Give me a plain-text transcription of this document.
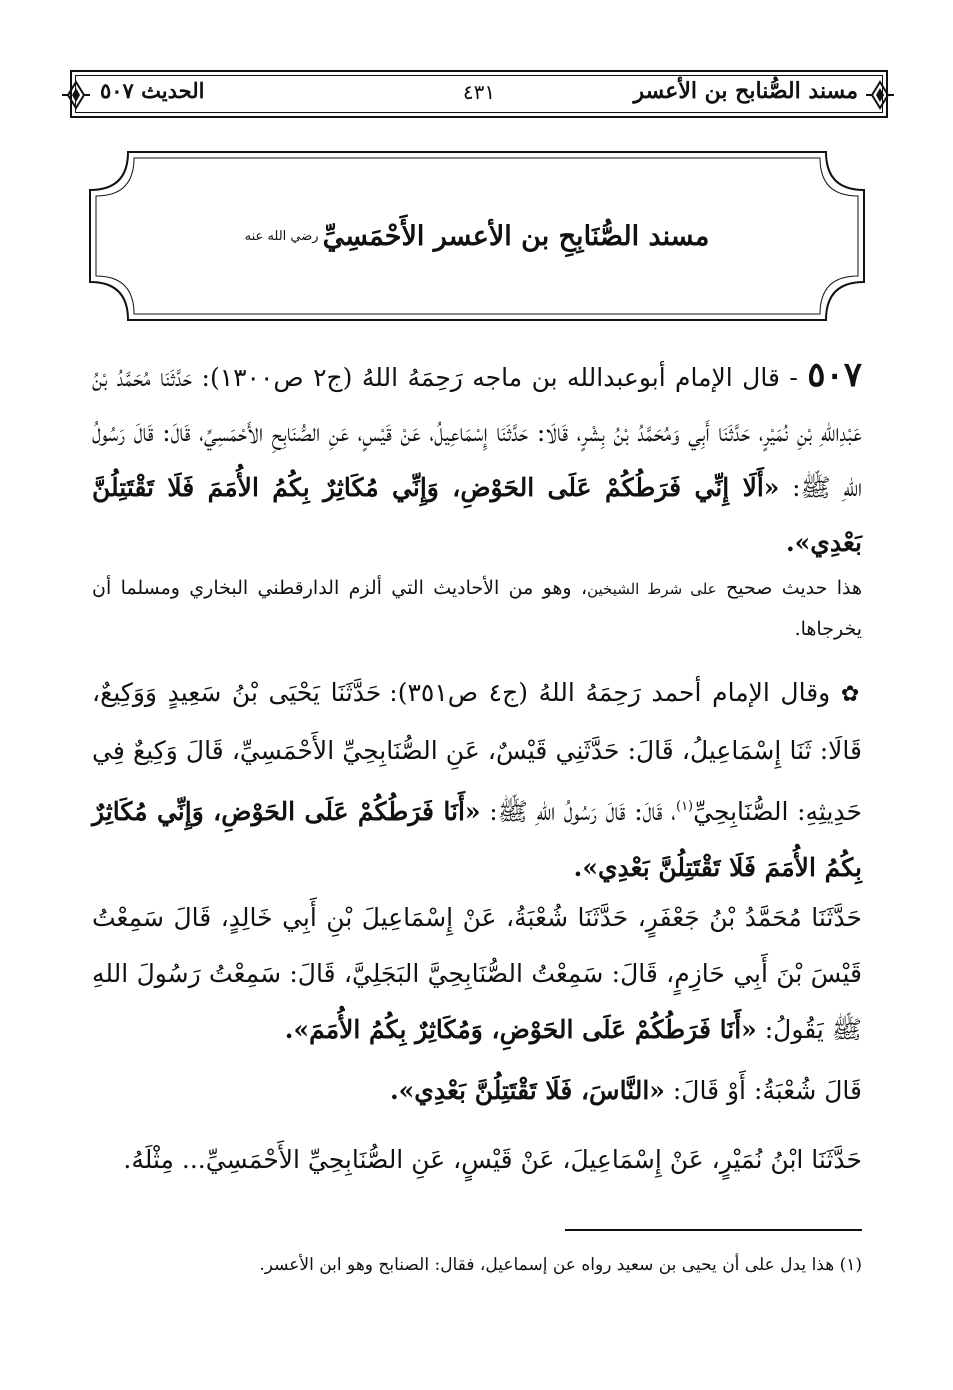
مسند الصُّنابح بن الأعسر
٤٣١
الحديث ٥٠٧
مسند الصُّنَابِحِ بن الأعسر الأَحْمَسِيِّ
رضي الله عنه
٥٠٧ - قال الإمام أبوعبدالله بن ماجه رَحِمَهُ اللهُ (ج٢ ص١٣٠٠): حَدَّثَنَا مُحَمَّدُ بْنُ عَبْدِاللهِ بْنِ نُمَيْرٍ، حَدَّثَنَا أَبِي وَمُحَمَّدُ بْنُ بِشْرٍ، قَالَا: حَدَّثَنَا إِسْمَاعِيلُ، عَنْ قَيْسٍ، عَنِ الصُّنَابِحِ الأَحْمَسِيِّ، قَالَ: قَالَ رَسُولُ اللهِ ﷺ: «أَلَا إِنِّي فَرَطُكُمْ عَلَى الحَوْضِ، وَإِنِّي مُكَاثِرٌ بِكُمُ الأُمَمَ فَلَا تَقْتَتِلُنَّ بَعْدِي».
هذا حديث صحيح على شرط الشيخين، وهو من الأحاديث التي ألزم الدارقطني البخاري ومسلما أن يخرجاها.
✿ وقال الإمام أحمد رَحِمَهُ اللهُ (ج٤ ص٣٥١): حَدَّثَنَا يَحْيَى بْنُ سَعِيدٍ وَوَكِيعٌ، قَالَا: ثَنَا إِسْمَاعِيلُ، قَالَ: حَدَّثَنِي قَيْسٌ، عَنِ الصُّنَابِحِيِّ الأَحْمَسِيِّ، قَالَ وَكِيعٌ فِي حَدِيثِهِ: الصُّنَابِحِيِّ$^{(١)}$، قَالَ: قَالَ رَسُولُ اللهِ ﷺ: «أَنَا فَرَطُكُمْ عَلَى الحَوْضِ، وَإِنِّي مُكَاثِرٌ بِكُمُ الأُمَمَ فَلَا تَقْتَتِلُنَّ بَعْدِي».
حَدَّثَنَا مُحَمَّدُ بْنُ جَعْفَرٍ، حَدَّثَنَا شُعْبَةُ، عَنْ إِسْمَاعِيلَ بْنِ أَبِي خَالِدٍ، قَالَ سَمِعْتُ قَيْسَ بْنَ أَبِي حَازِمٍ، قَالَ: سَمِعْتُ الصُّنَابِحِيَّ البَجَلِيَّ، قَالَ: سَمِعْتُ رَسُولَ اللهِ ﷺ يَقُولُ: «أَنَا فَرَطُكُمْ عَلَى الحَوْضِ، وَمُكَاثِرٌ بِكُمُ الأُمَمَ».
قَالَ شُعْبَةُ: أَوْ قَالَ: «النَّاسَ، فَلَا تَقْتَتِلُنَّ بَعْدِي».
حَدَّثَنَا ابْنُ نُمَيْرٍ، عَنْ إِسْمَاعِيلَ، عَنْ قَيْسٍ، عَنِ الصُّنَابِحِيِّ الأَحْمَسِيِّ... مِثْلَهُ.
(١) هذا يدل على أن يحيى بن سعيد رواه عن إسماعيل، فقال: الصنابح وهو ابن الأعسر.
